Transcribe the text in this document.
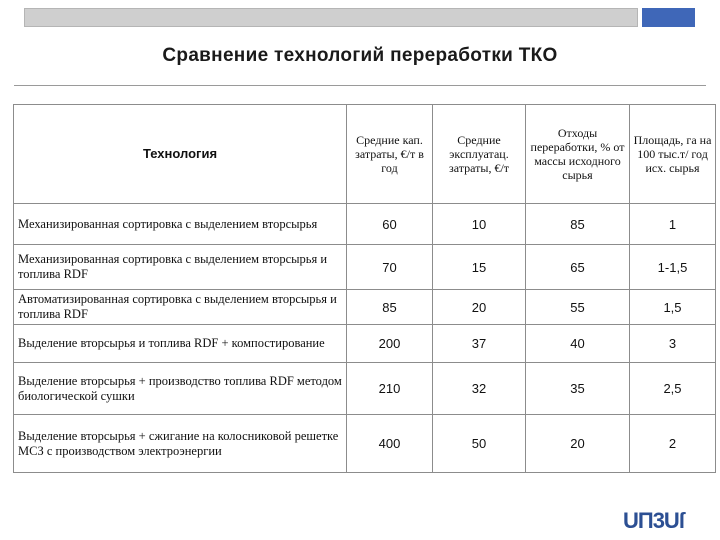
Сравнение технологий переработки ТКО
Технология	Средние кап. затраты, €/т в год	Средние эксплуатац. затраты, €/т	Отходы переработки, % от массы исходного сырья	Площадь, га на 100 тыс.т/ год исх. сырья
Механизированная сортировка с выделением вторсырья	60	10	85	1
Механизированная сортировка с выделением вторсырья и топлива RDF	70	15	65	1-1,5
Автоматизированная сортировка с выделением вторсырья и топлива RDF	85	20	55	1,5
Выделение вторсырья и топлива RDF + компостирование	200	37	40	3
Выделение вторсырья + производство топлива RDF методом биологической сушки	210	32	35	2,5
Выделение вторсырья + сжигание на колосниковой решетке МСЗ с производством электроэнергии	400	50	20	2
UП3Uſ
